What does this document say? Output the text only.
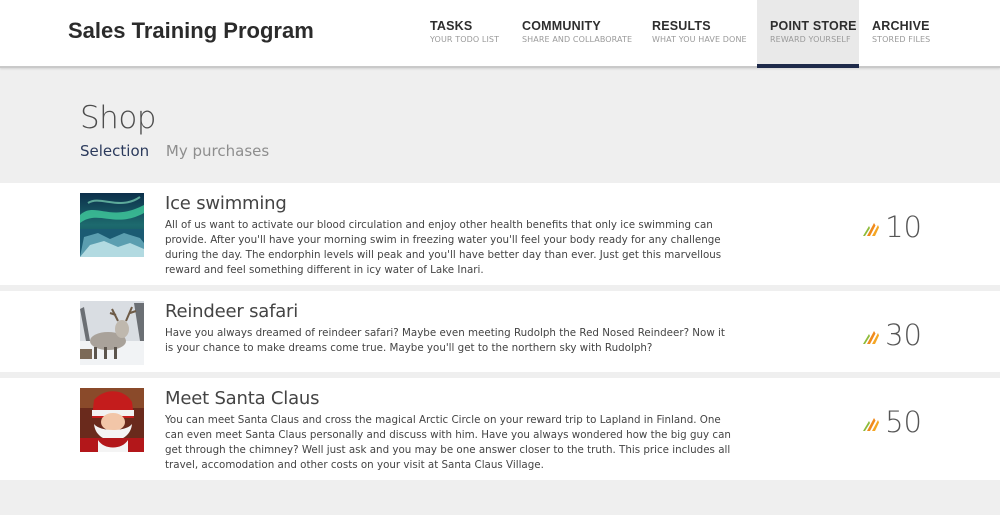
Sales Training Program	TASKS
YOUR TODO LIST
COMMUNITY
SHARE AND COLLABORATE
RESULTS
WHAT YOU HAVE DONE
POINT STORE
REWARD YOURSELF
ARCHIVE
STORED FILES
Shop
Selection My purchases
Ice swimming
All of us want to activate our blood circulation and enjoy other health benefits that only ice swimming can provide. After you'll have your morning swim in freezing water you'll feel your body ready for any challenge during the day. The endorphin levels will peak and you'll have better day than ever. Just get this marvellous reward and feel something different in icy water of Lake Inari.
10
Reindeer safari
Have you always dreamed of reindeer safari? Maybe even meeting Rudolph the Red Nosed Reindeer? Now it is your chance to make dreams come true. Maybe you'll get to the northern sky with Rudolph?	30
Meet Santa Claus
You can meet Santa Claus and cross the magical Arctic Circle on your reward trip to Lapland in Finland. One can even meet Santa Claus personally and discuss with him. Have you always wondered how the big guy can get through the chimney? Well just ask and you may be one answer closer to the truth. This price includes all travel, accomodation and other costs on your visit at Santa Claus Village.
50
